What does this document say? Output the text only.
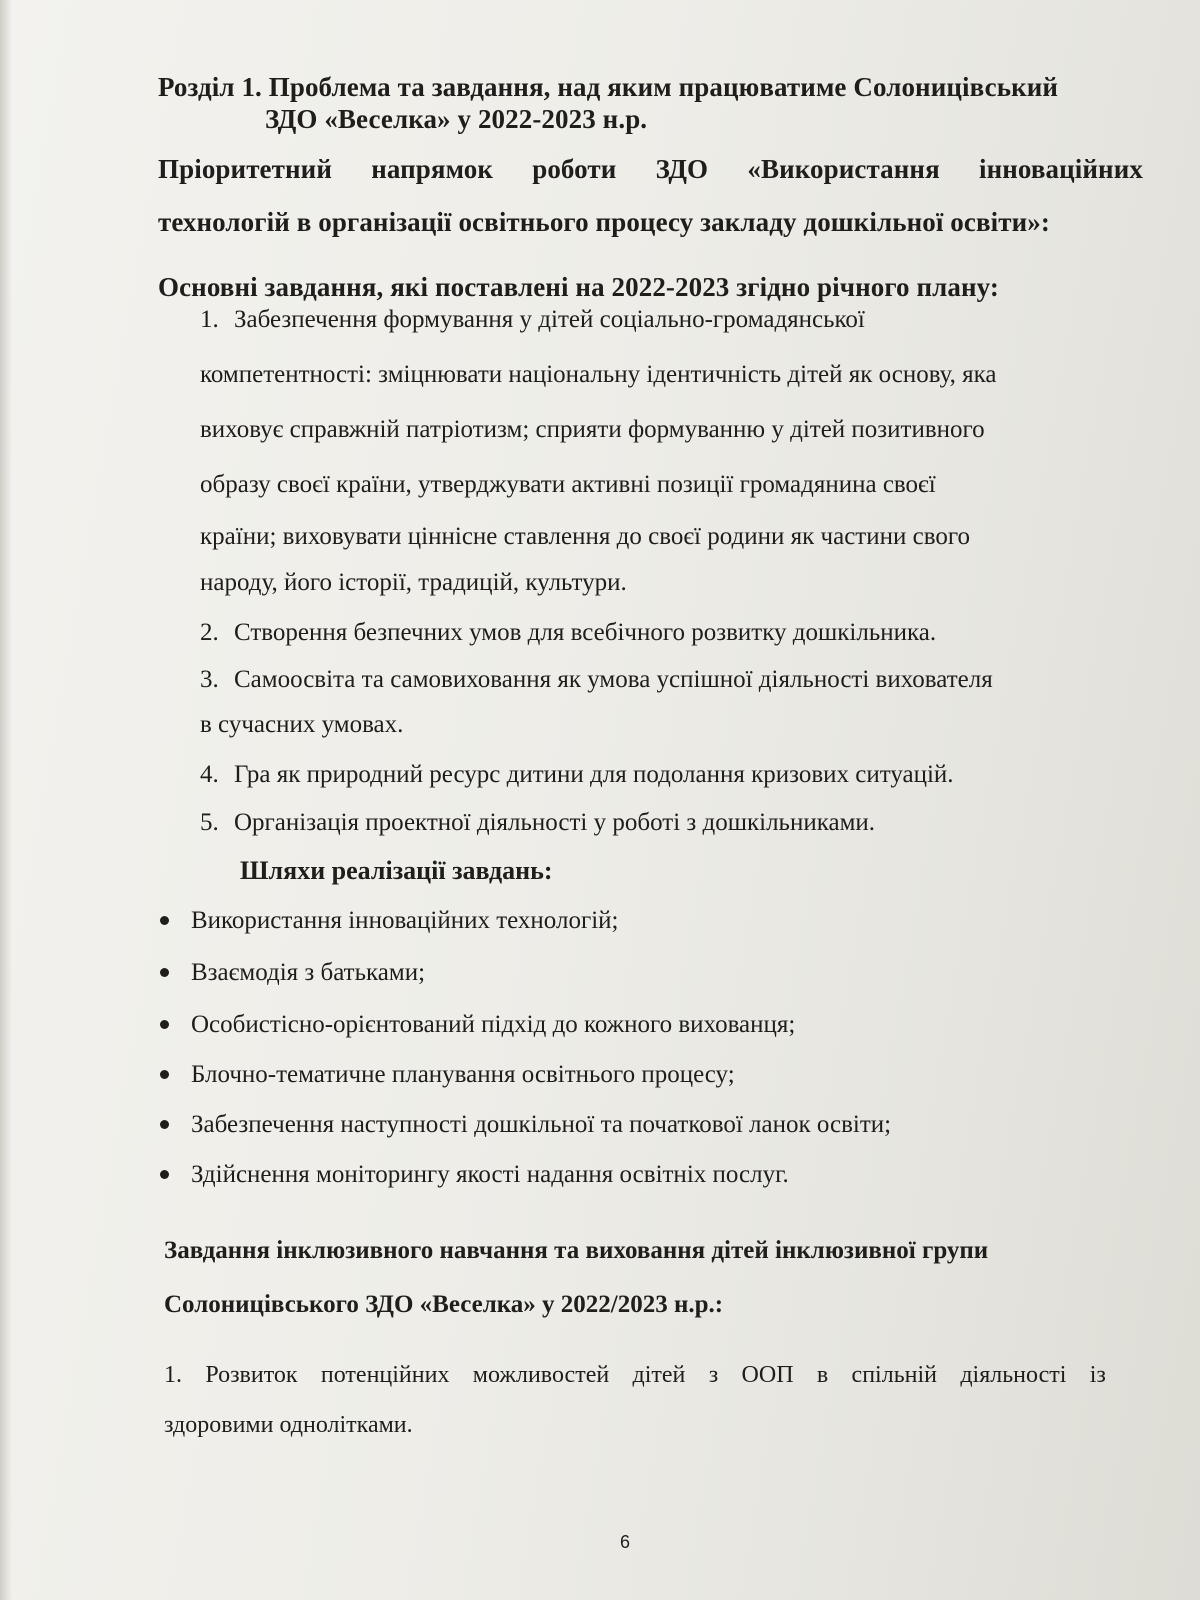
Розділ 1. Проблема та завдання, над яким працюватиме Солоницівський
ЗДО «Веселка» у 2022-2023 н.р.
Пріоритетний напрямок роботи ЗДО «Використання інноваційних
технологій в організації освітнього процесу закладу дошкільної освіти»:
Основні завдання, які поставлені на 2022-2023 згідно річного плану:
1. Забезпечення формування у дітей соціально-громадянської
компетентності: зміцнювати національну ідентичність дітей як основу, яка
виховує справжній патріотизм; сприяти формуванню у дітей позитивного
образу своєї країни, утверджувати активні позиції громадянина своєї
країни; виховувати ціннісне ставлення до своєї родини як частини свого
народу, його історії, традицій, культури.
2. Створення безпечних умов для всебічного розвитку дошкільника.
3. Самоосвіта та самовиховання як умова успішної діяльності вихователя
в сучасних умовах.
4. Гра як природний ресурс дитини для подолання кризових ситуацій.
5. Організація проектної діяльності у роботі з дошкільниками.
Шляхи реалізації завдань:
Використання інноваційних технологій;
Взаємодія з батьками;
Особистісно-орієнтований підхід до кожного вихованця;
Блочно-тематичне планування освітнього процесу;
Забезпечення наступності дошкільної та початкової ланок освіти;
Здійснення моніторингу якості надання освітніх послуг.
Завдання інклюзивного навчання та виховання дітей інклюзивної групи
Солоницівського ЗДО «Веселка» у 2022/2023 н.р.:
1. Розвиток потенційних можливостей дітей з ООП в спільній діяльності із
здоровими однолітками.
6
